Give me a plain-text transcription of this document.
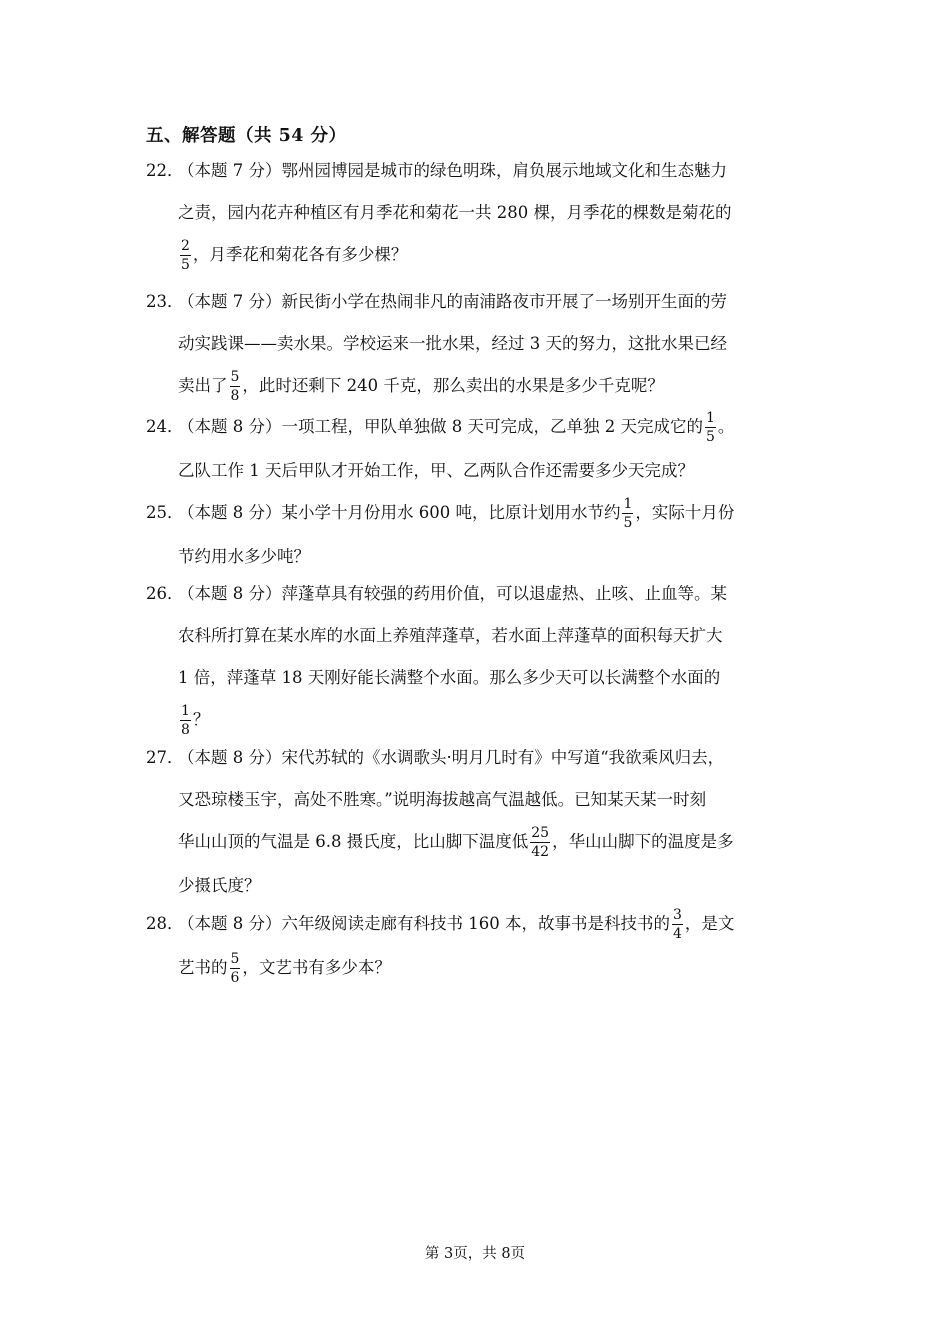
五、解答题（共 54 分）
22．（本题 7 分）鄂州园博园是城市的绿色明珠，肩负展示地域文化和生态魅力
之责，园内花卉种植区有月季花和菊花一共 280 棵，月季花的棵数是菊花的
$\frac{2}{5}$ ，月季花和菊花各有多少棵？
23．（本题 7 分）新民街小学在热闹非凡的南浦路夜市开展了一场别开生面的劳
动实践课——卖水果。学校运来一批水果，经过 3 天的努力，这批水果已经
卖出了 $\frac{5}{8}$ ，此时还剩下 240 千克，那么卖出的水果是多少千克呢？
24．（本题 8 分）一项工程，甲队单独做 8 天可完成，乙单独 2 天完成它的 $\frac{1}{5}$ 。
乙队工作 1 天后甲队才开始工作，甲、乙两队合作还需要多少天完成？
25．（本题 8 分）某小学十月份用水 600 吨，比原计划用水节约 $\frac{1}{5}$ ，实际十月份
节约用水多少吨？
26．（本题 8 分）萍蓬草具有较强的药用价值，可以退虚热、止咳、止血等。某
农科所打算在某水库的水面上养殖萍蓬草，若水面上萍蓬草的面积每天扩大
1 倍，萍蓬草 18 天刚好能长满整个水面。那么多少天可以长满整个水面的
$\frac{1}{8}$ ？
27．（本题 8 分）宋代苏轼的《水调歌头·明月几时有》中写道“我欲乘风归去，
又恐琼楼玉宇，高处不胜寒。”说明海拔越高气温越低。已知某天某一时刻
华山山顶的气温是 6.8 摄氏度，比山脚下温度低 $\frac{25}{42}$ ，华山山脚下的温度是多
少摄氏度？
28．（本题 8 分）六年级阅读走廊有科技书 160 本，故事书是科技书的 $\frac{3}{4}$ ，是文
艺书的 $\frac{5}{6}$ ，文艺书有多少本？
第 3页，共 8页
